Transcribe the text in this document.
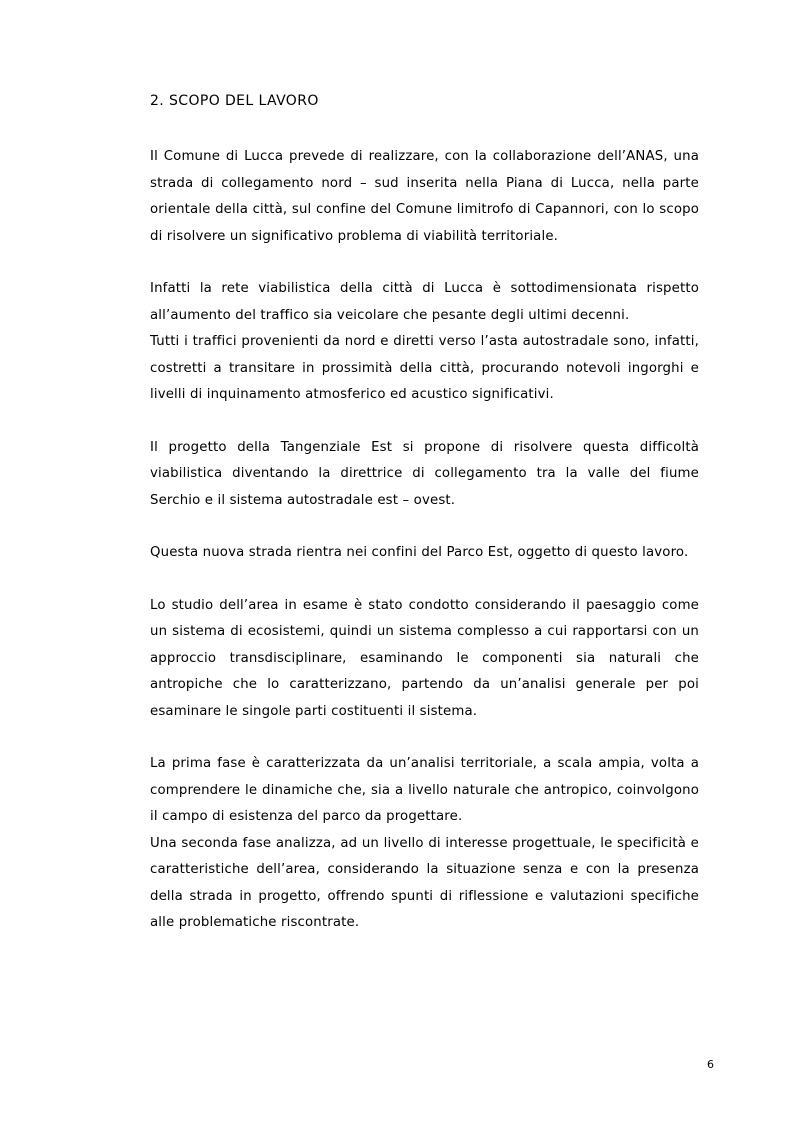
2. SCOPO DEL LAVORO

Il Comune di Lucca prevede di realizzare, con la collaborazione dell’ANAS, una strada di collegamento nord – sud inserita nella Piana di Lucca, nella parte orientale della città, sul confine del Comune limitrofo di Capannori, con lo scopo di risolvere un significativo problema di viabilità territoriale.

Infatti la rete viabilistica della città di Lucca è sottodimensionata rispetto all’aumento del traffico sia veicolare che pesante degli ultimi decenni.

Tutti i traffici provenienti da nord e diretti verso l’asta autostradale sono, infatti, costretti a transitare in prossimità della città, procurando notevoli ingorghi e livelli di inquinamento atmosferico ed acustico significativi.

Il progetto della Tangenziale Est si propone di risolvere questa difficoltà viabilistica diventando la direttrice di collegamento tra la valle del fiume Serchio e il sistema autostradale est – ovest.

Questa nuova strada rientra nei confini del Parco Est, oggetto di questo lavoro.

Lo studio dell’area in esame è stato condotto considerando il paesaggio come un sistema di ecosistemi, quindi un sistema complesso a cui rapportarsi con un approccio transdisciplinare, esaminando le componenti sia naturali che antropiche che lo caratterizzano, partendo da un’analisi generale per poi esaminare le singole parti costituenti il sistema.

La prima fase è caratterizzata da un’analisi territoriale, a scala ampia, volta a comprendere le dinamiche che, sia a livello naturale che antropico, coinvolgono il campo di esistenza del parco da progettare.

Una seconda fase analizza, ad un livello di interesse progettuale, le specificità e caratteristiche dell’area, considerando la situazione senza e con la presenza della strada in progetto, offrendo spunti di riflessione e valutazioni specifiche alle problematiche riscontrate.

6
